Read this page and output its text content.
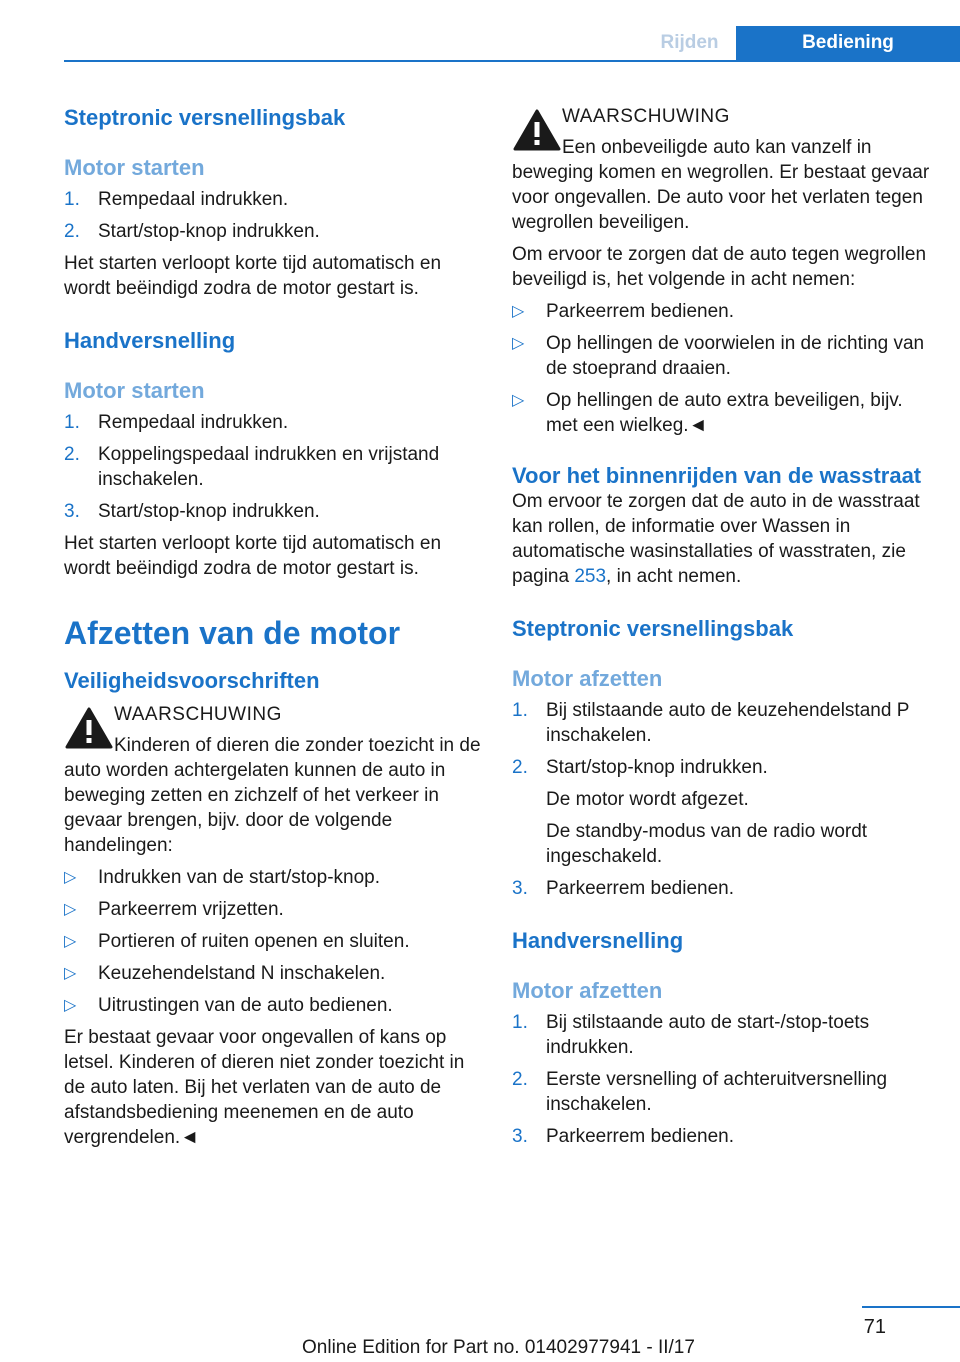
Rijden	Bediening
Steptronic versnellingsbak
Motor starten
1. Rempedaal indrukken.
2. Start/stop-knop indrukken.

Het starten verloopt korte tijd automatisch en wordt beëindigd zodra de motor gestart is.

Handversnelling
Motor starten
1. Rempedaal indrukken.
2. Koppelingspedaal indrukken en vrijstand inschakelen.
3. Start/stop-knop indrukken.

Het starten verloopt korte tijd automatisch en wordt beëindigd zodra de motor gestart is.

Afzetten van de motor
Veiligheidsvoorschriften
WAARSCHUWING

Kinderen of dieren die zonder toezicht in de auto worden achtergelaten kunnen de auto in beweging zetten en zichzelf of het verkeer in gevaar brengen, bijv. door de volgende handelingen:

▷ Indrukken van de start/stop-knop.
▷ Parkeerrem vrijzetten.
▷ Portieren of ruiten openen en sluiten.
▷ Keuzehendelstand N inschakelen.
▷ Uitrustingen van de auto bedienen.

Er bestaat gevaar voor ongevallen of kans op letsel. Kinderen of dieren niet zonder toezicht in de auto laten. Bij het verlaten van de auto de afstandsbediening meenemen en de auto vergrendelen.◄

WAARSCHUWING

Een onbeveiligde auto kan vanzelf in beweging komen en wegrollen. Er bestaat gevaar voor ongevallen. De auto voor het verlaten tegen wegrollen beveiligen.

Om ervoor te zorgen dat de auto tegen wegrollen beveiligd is, het volgende in acht nemen:

▷ Parkeerrem bedienen.
▷ Op hellingen de voorwielen in de richting van de stoeprand draaien.
▷ Op hellingen de auto extra beveiligen, bijv. met een wielkeg.◄
Voor het binnenrijden van de wasstraat

Om ervoor te zorgen dat de auto in de wasstraat kan rollen, de informatie over Wassen in automatische wasinstallaties of wasstraten, zie pagina 253, in acht nemen.

Steptronic versnellingsbak
Motor afzetten
1. Bij stilstaande auto de keuzehendelstand P inschakelen.
2. Start/stop-knop indrukken.
De motor wordt afgezet.
De standby-modus van de radio wordt ingeschakeld.
3. Parkeerrem bedienen.
Handversnelling
Motor afzetten
1. Bij stilstaande auto de start-/stop-toets indrukken.
2. Eerste versnelling of achteruitversnelling inschakelen.
3. Parkeerrem bedienen.
71
Online Edition for Part no. 01402977941 - II/17
